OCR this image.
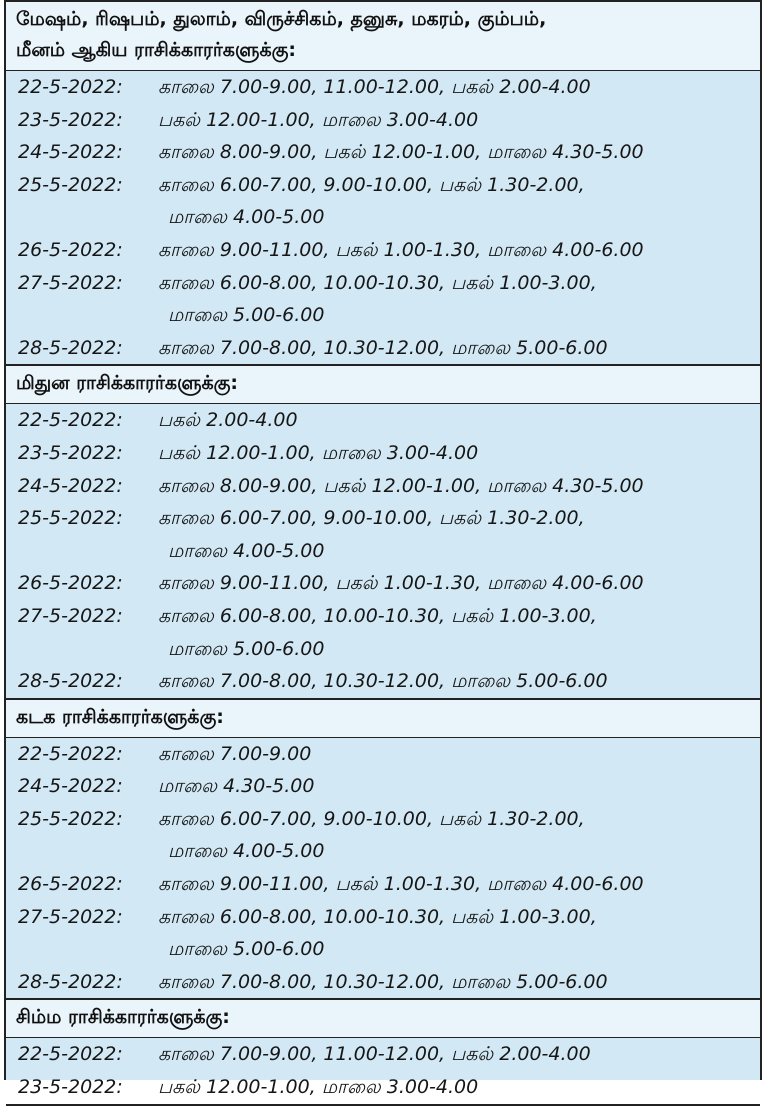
மேஷம், ரிஷபம், துலாம், விருச்சிகம், தனுசு, மகரம், கும்பம்,
மீனம் ஆகிய ராசிக்காரர்களுக்கு:
22-5-2022: காலை 7.00-9.00, 11.00-12.00, பகல் 2.00-4.00
23-5-2022: பகல் 12.00-1.00, மாலை 3.00-4.00
24-5-2022: காலை 8.00-9.00, பகல் 12.00-1.00, மாலை 4.30-5.00
25-5-2022: காலை 6.00-7.00, 9.00-10.00, பகல் 1.30-2.00,
மாலை 4.00-5.00
26-5-2022: காலை 9.00-11.00, பகல் 1.00-1.30, மாலை 4.00-6.00
27-5-2022: காலை 6.00-8.00, 10.00-10.30, பகல் 1.00-3.00,
மாலை 5.00-6.00
28-5-2022: காலை 7.00-8.00, 10.30-12.00, மாலை 5.00-6.00
மிதுன ராசிக்காரர்களுக்கு:
22-5-2022: பகல் 2.00-4.00
23-5-2022: பகல் 12.00-1.00, மாலை 3.00-4.00
24-5-2022: காலை 8.00-9.00, பகல் 12.00-1.00, மாலை 4.30-5.00
25-5-2022: காலை 6.00-7.00, 9.00-10.00, பகல் 1.30-2.00,
மாலை 4.00-5.00
26-5-2022: காலை 9.00-11.00, பகல் 1.00-1.30, மாலை 4.00-6.00
27-5-2022: காலை 6.00-8.00, 10.00-10.30, பகல் 1.00-3.00,
மாலை 5.00-6.00
28-5-2022: காலை 7.00-8.00, 10.30-12.00, மாலை 5.00-6.00
கடக ராசிக்காரர்களுக்கு:
22-5-2022: காலை 7.00-9.00
24-5-2022: மாலை 4.30-5.00
25-5-2022: காலை 6.00-7.00, 9.00-10.00, பகல் 1.30-2.00,
மாலை 4.00-5.00
26-5-2022: காலை 9.00-11.00, பகல் 1.00-1.30, மாலை 4.00-6.00
27-5-2022: காலை 6.00-8.00, 10.00-10.30, பகல் 1.00-3.00,
மாலை 5.00-6.00
28-5-2022: காலை 7.00-8.00, 10.30-12.00, மாலை 5.00-6.00
சிம்ம ராசிக்காரர்களுக்கு:
22-5-2022: காலை 7.00-9.00, 11.00-12.00, பகல் 2.00-4.00
23-5-2022: பகல் 12.00-1.00, மாலை 3.00-4.00
